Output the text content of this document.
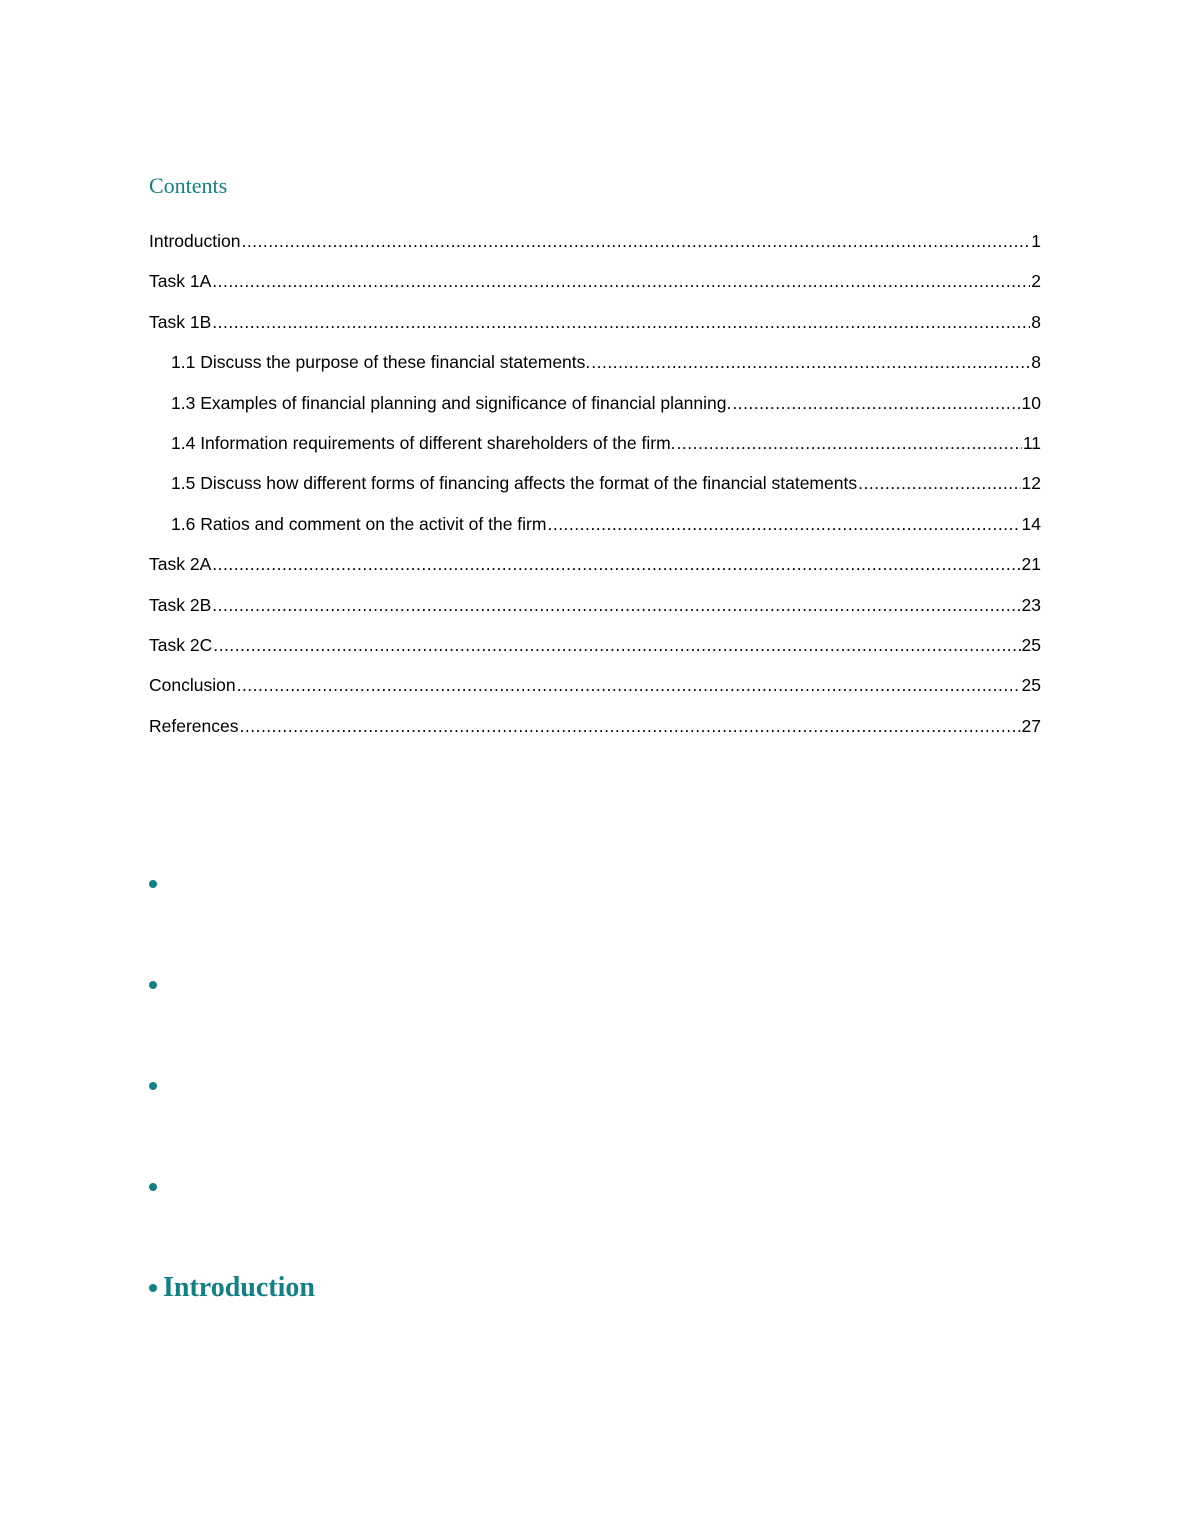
Contents
Introduction .....	1
Task 1A .....	2
Task 1B .....	8
1.1 Discuss the purpose of these financial statements. .....	8
1.3 Examples of financial planning and significance of financial planning. .....	10
1.4 Information requirements of different shareholders of the firm. .....	11
1.5 Discuss how different forms of financing affects the format of the financial statements .....	12
1.6 Ratios and comment on the activit of the firm .....	14
Task 2A .....	21
Task 2B .....	23
Task 2C .....	25
Conclusion .....	25
References .....	27
Introduction
